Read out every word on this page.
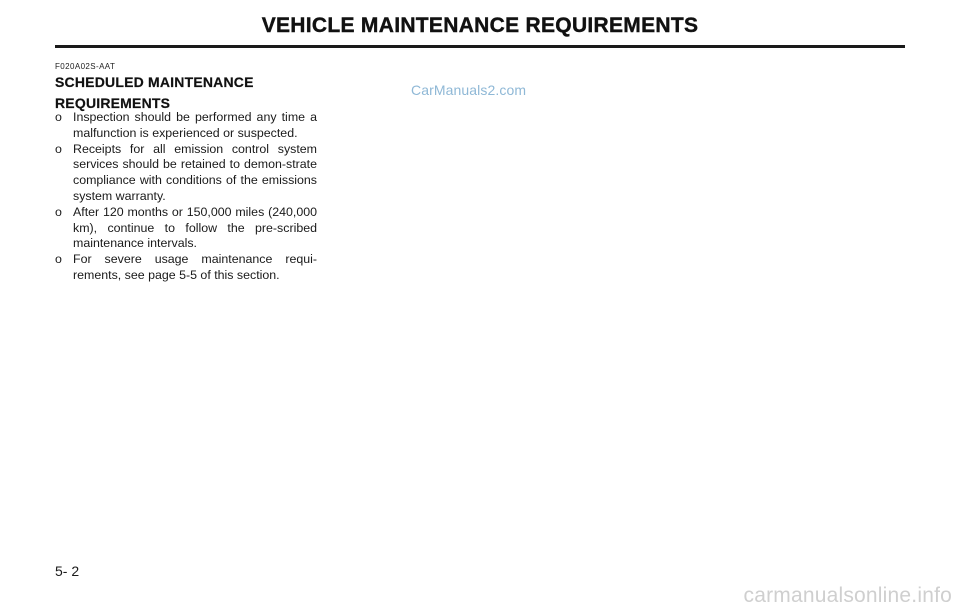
VEHICLE MAINTENANCE REQUIREMENTS
F020A02S-AAT
SCHEDULED MAINTENANCE
REQUIREMENTS
o Inspection should be performed any time a malfunction is experienced or suspected.
o Receipts for all emission control system services should be retained to demon-strate compliance with conditions of the emissions system warranty.
o After 120 months or 150,000 miles (240,000 km), continue to follow the pre-scribed maintenance intervals.
o For severe usage maintenance requi-rements, see page 5-5 of this section.
CarManuals2.com
5- 2
carmanualsonline.info
